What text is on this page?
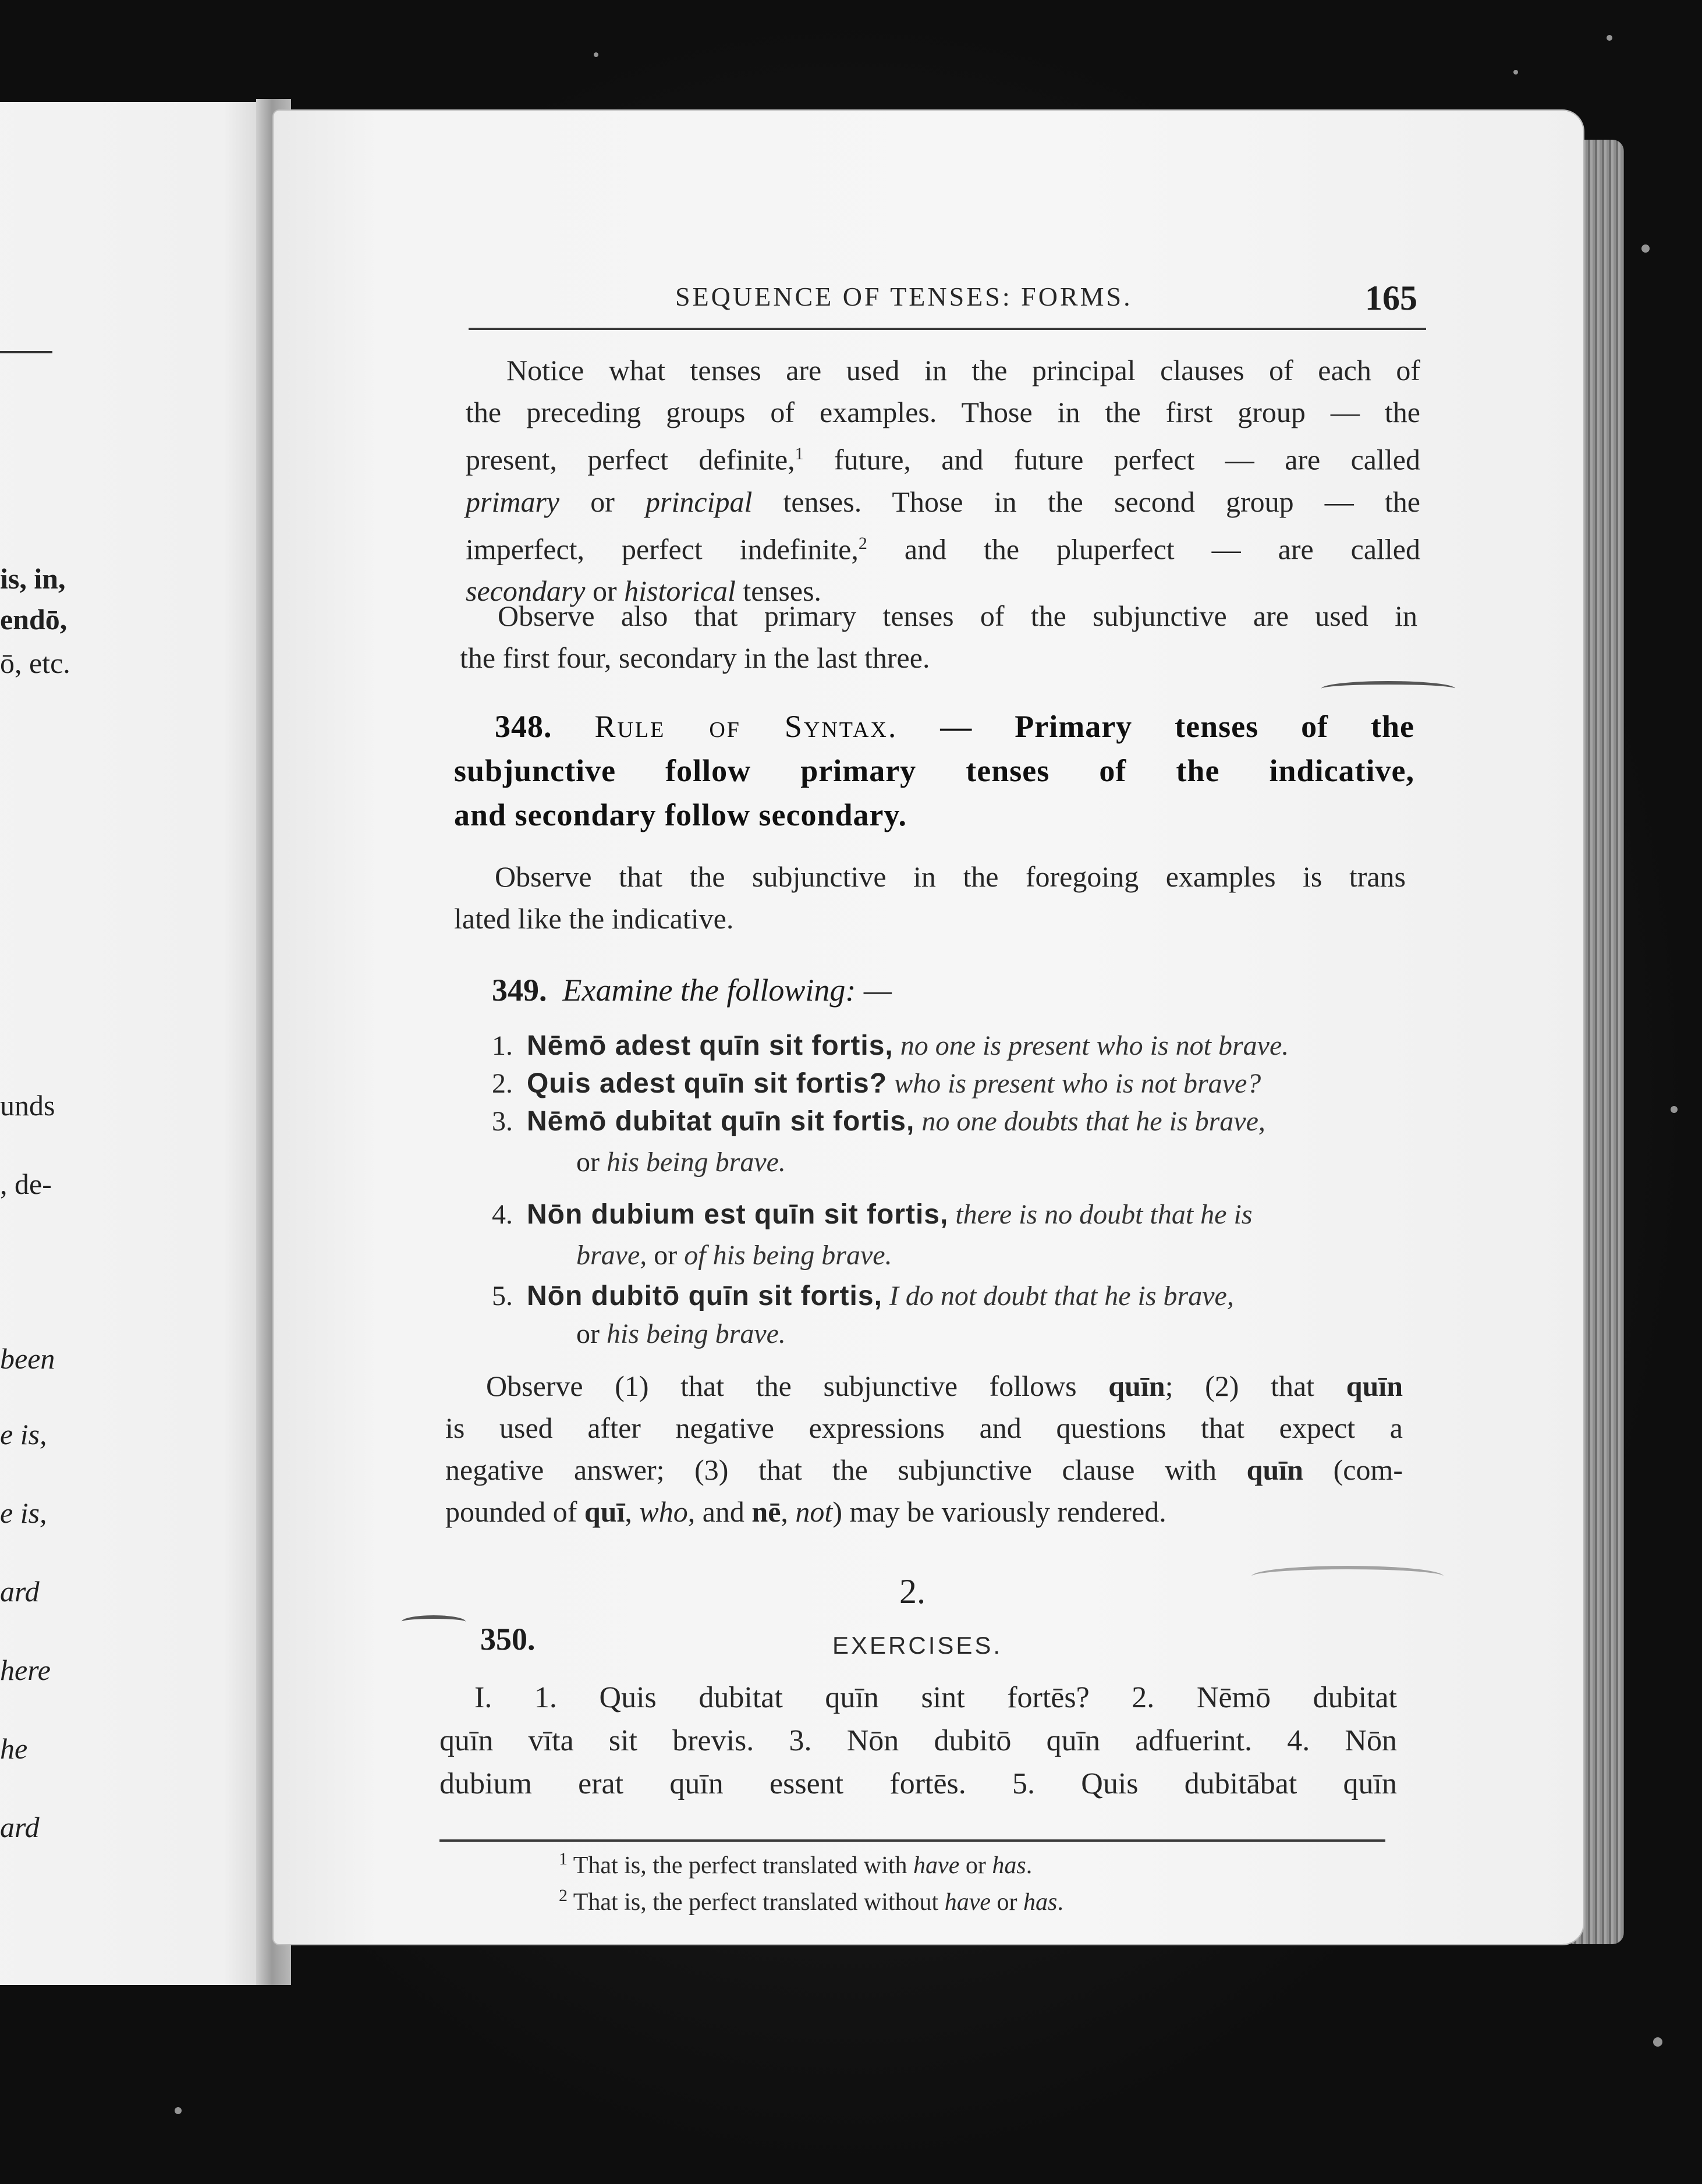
is, in,
endō,
ō, etc.
unds
, de-
been
e is,
e is,
ard
here
he
ard
SEQUENCE OF TENSES: FORMS.	165
Notice what tenses are used in the principal clauses of each of
the preceding groups of examples. Those in the first group — the
present, perfect definite,$^1$ future, and future perfect — are called
primary or principal tenses. Those in the second group — the
imperfect, perfect indefinite,$^2$ and the pluperfect — are called
secondary or historical tenses.
Observe also that primary tenses of the subjunctive are used in
the first four, secondary in the last three.
348. Rule of Syntax. — Primary tenses of the
subjunctive follow primary tenses of the indicative,
and secondary follow secondary.
Observe that the subjunctive in the foregoing examples is trans
lated like the indicative.
349. Examine the following: —
1. Nēmō adest quīn sit fortis, no one is present who is not brave.
2. Quis adest quīn sit fortis? who is present who is not brave?
3. Nēmō dubitat quīn sit fortis, no one doubts that he is brave,
or his being brave.
4. Nōn dubium est quīn sit fortis, there is no doubt that he is
brave, or of his being brave.
5. Nōn dubitō quīn sit fortis, I do not doubt that he is brave,
or his being brave.
Observe (1) that the subjunctive follows quīn; (2) that quīn
is used after negative expressions and questions that expect a
negative answer; (3) that the subjunctive clause with quīn (com-
pounded of quī, who, and nē, not) may be variously rendered.
2.
350.	EXERCISES.
I. 1. Quis dubitat quīn sint fortēs? 2. Nēmō dubitat
quīn vīta sit brevis. 3. Nōn dubitō quīn adfuerint. 4. Nōn
dubium erat quīn essent fortēs. 5. Quis dubitābat quīn
$^1$ That is, the perfect translated with have or has.
$^2$ That is, the perfect translated without have or has.
